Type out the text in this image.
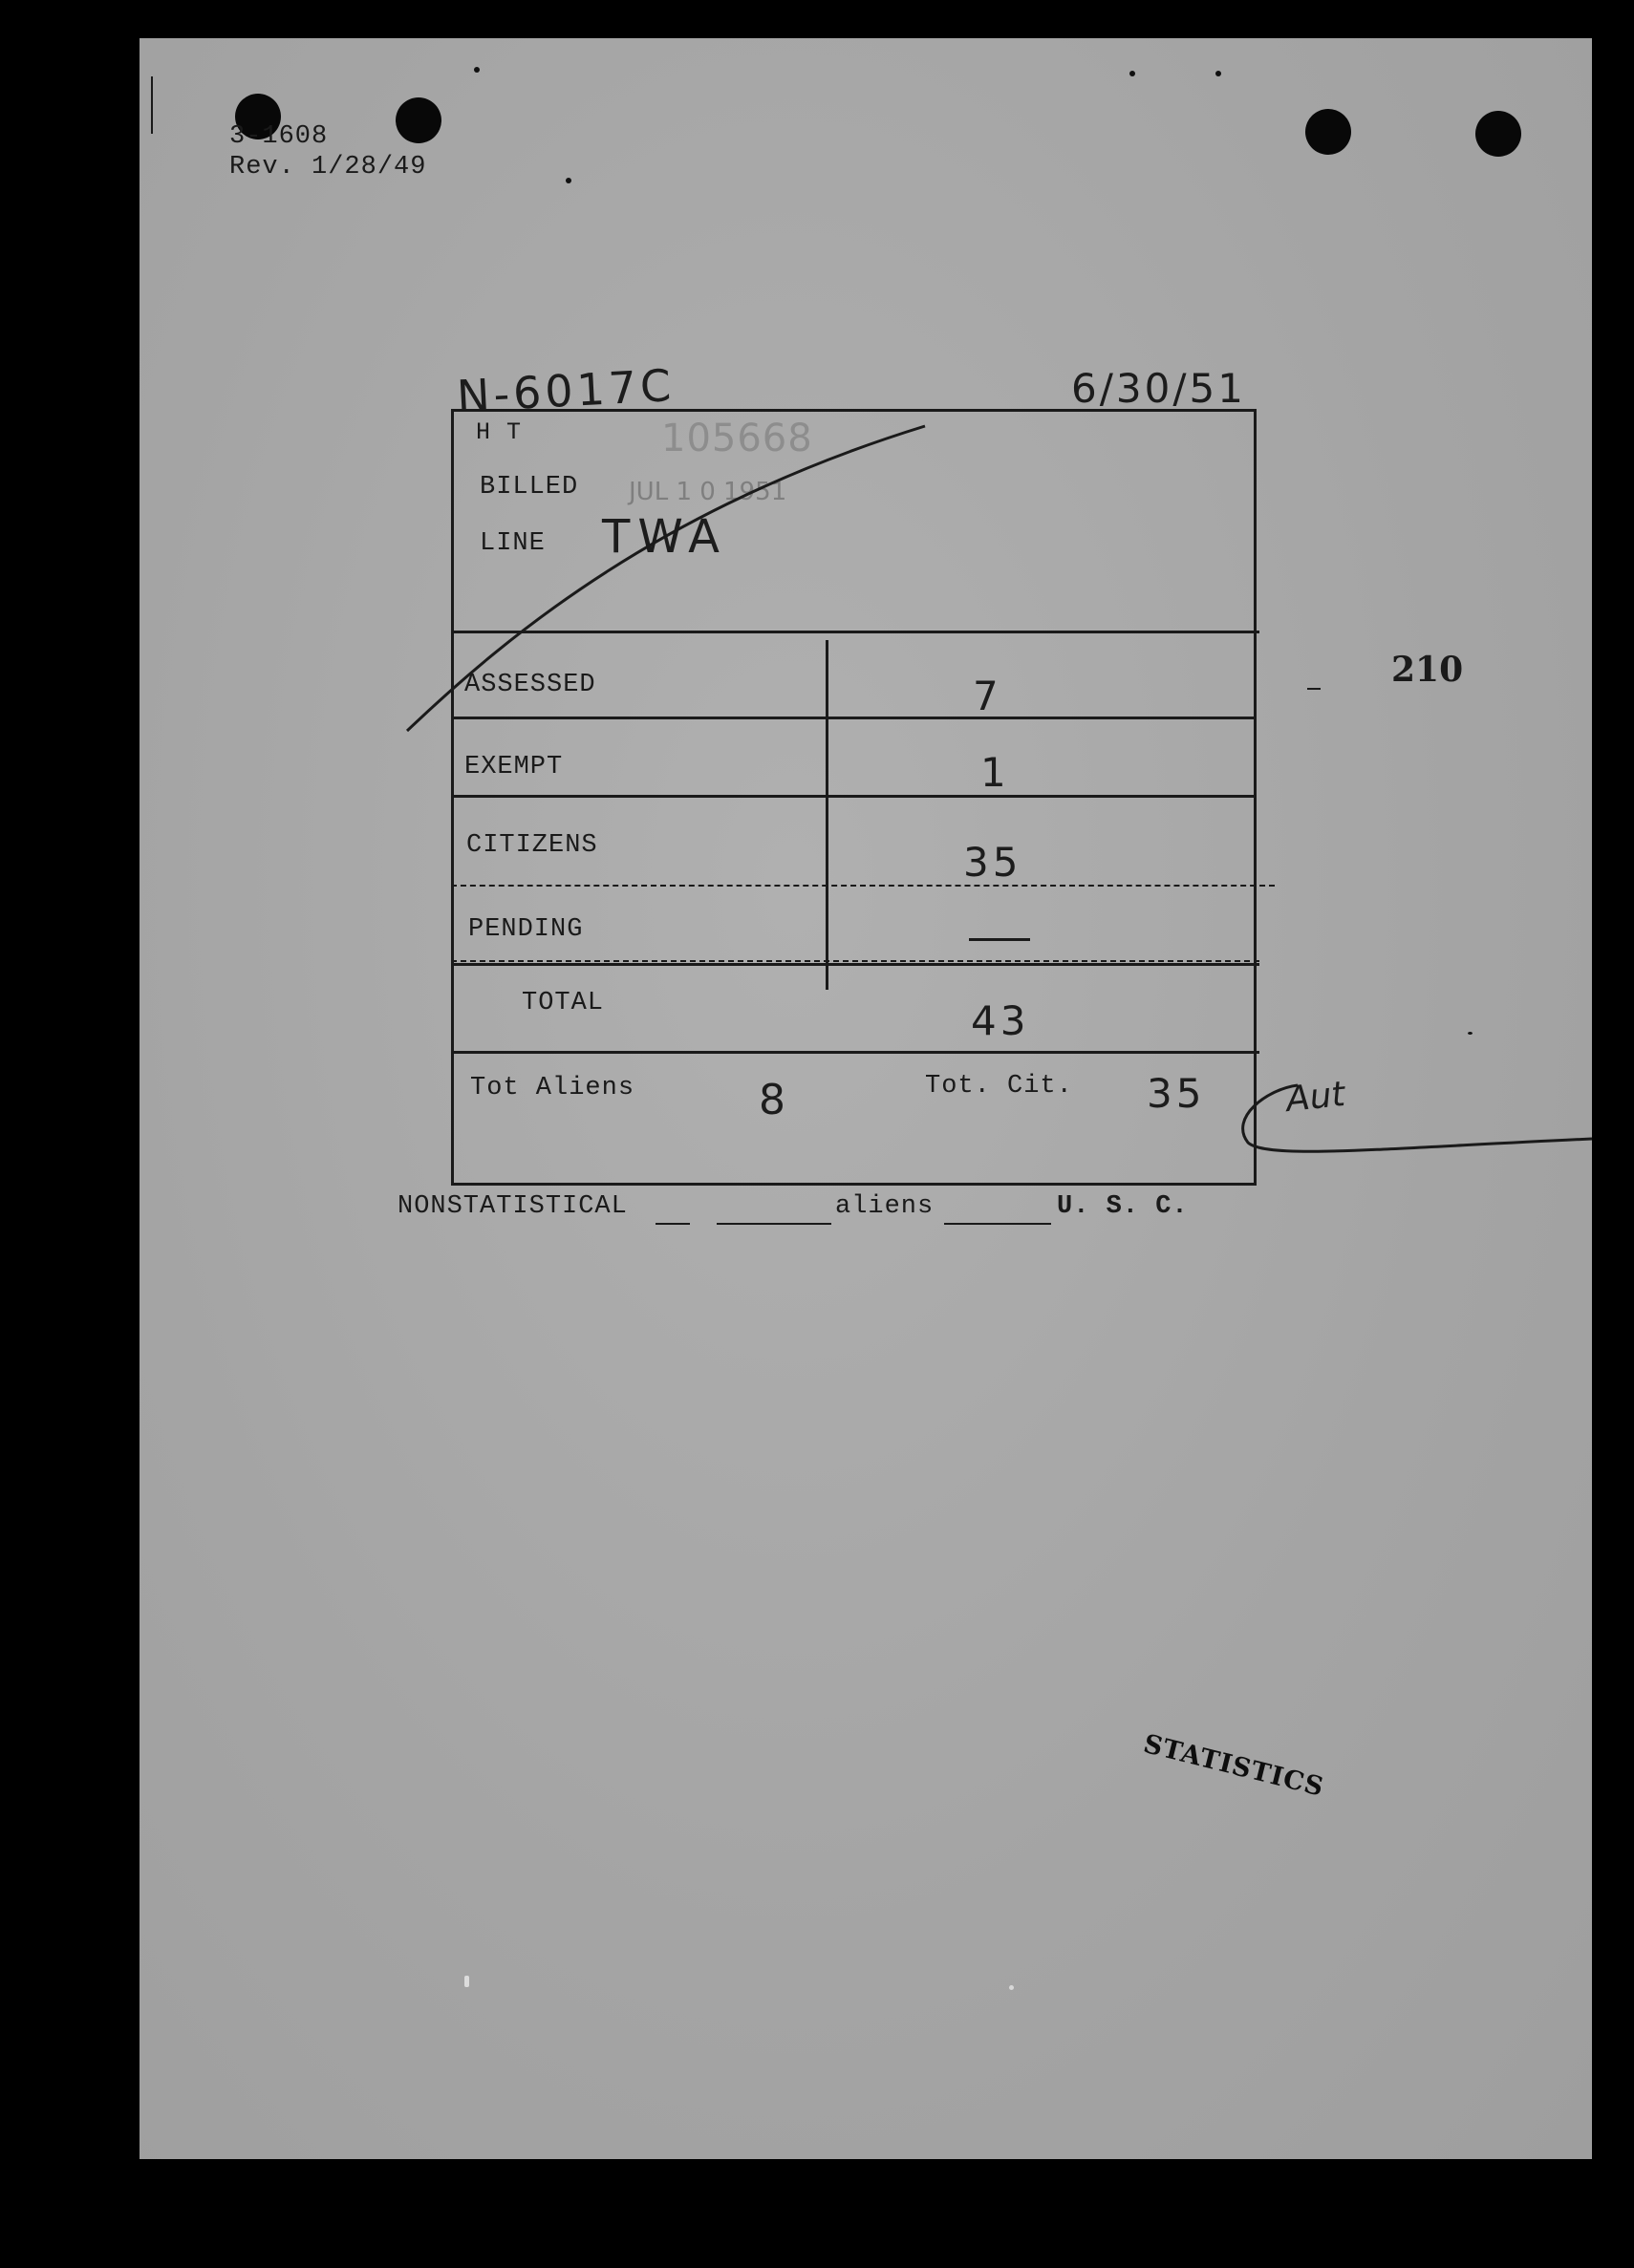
3-1608
Rev. 1/28/49
N-6017C	6/30/51
H T	105668
BILLED JUL 1 0 1951
LINE TWA
ASSESSED	7
EXEMPT	1
CITIZENS	35
PENDING
TOTAL	43
Tot Aliens	8	Tot. Cit. 35 Aut
210
NONSTATISTICAL	aliens	U. S. C.
STATISTICS
